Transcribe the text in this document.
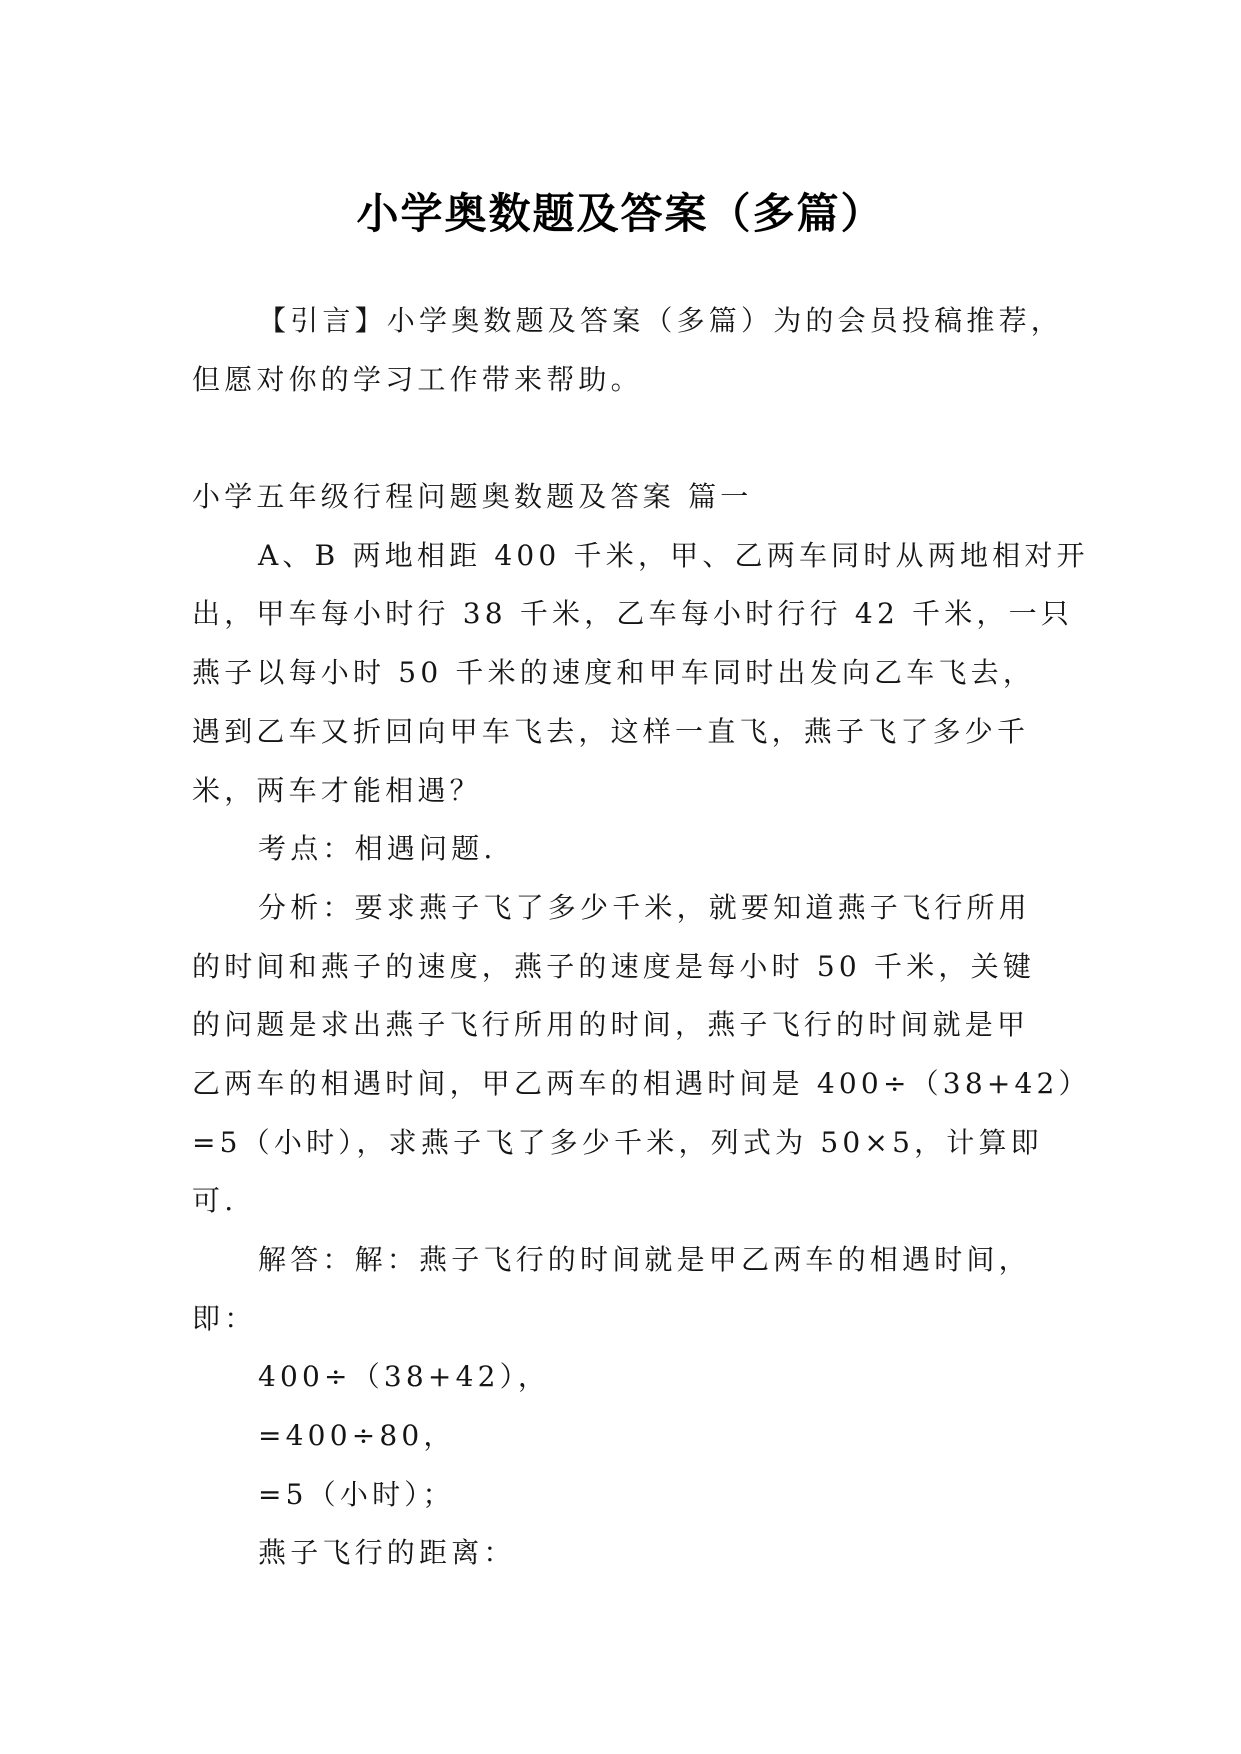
小学奥数题及答案（多篇）
【引言】小学奥数题及答案（多篇）为的会员投稿推荐，
但愿对你的学习工作带来帮助。
小学五年级行程问题奥数题及答案 篇一
A、B 两地相距 400 千米，甲、乙两车同时从两地相对开
出，甲车每小时行 38 千米，乙车每小时行行 42 千米，一只
燕子以每小时 50 千米的速度和甲车同时出发向乙车飞去，
遇到乙车又折回向甲车飞去，这样一直飞，燕子飞了多少千
米，两车才能相遇？
考点：相遇问题.
分析：要求燕子飞了多少千米，就要知道燕子飞行所用
的时间和燕子的速度，燕子的速度是每小时 50 千米，关键
的问题是求出燕子飞行所用的时间，燕子飞行的时间就是甲
乙两车的相遇时间，甲乙两车的相遇时间是 400÷（38+42）
=5（小时），求燕子飞了多少千米，列式为 50×5，计算即
可.
解答：解：燕子飞行的时间就是甲乙两车的相遇时间，
即：
400÷（38+42），
=400÷80，
=5（小时）；
燕子飞行的距离：
